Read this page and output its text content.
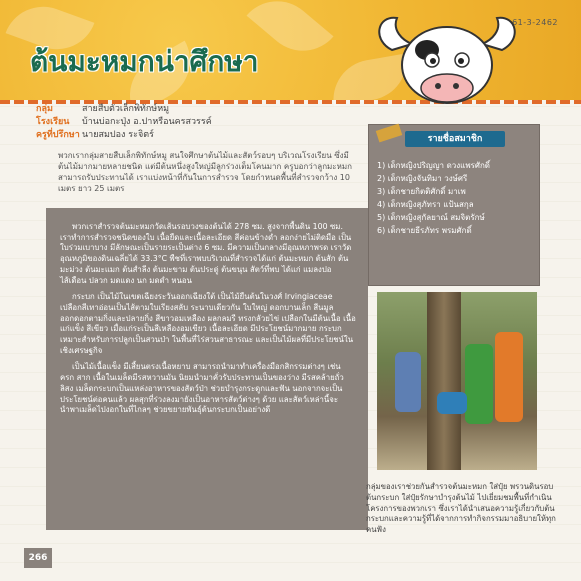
61-3-2462
ต้นมะหมกน่าศึกษา
กลุ่ม	สายสืบตัวเล็กพิทักษ์หมู
โรงเรียน	บ้านบ่อกะปุ่ง อ.ปาหรือนครสวรรค์
ครูที่ปรึกษา นายสมปอง ระจิตร์
พวกเรากลุ่มสายสืบเล็กพิทักษ์หมู สนใจศึกษาต้นไม้และสัตว์รอบๆ บริเวณโรงเรียน ซึ่งมีต้นไม้มากมายหลายชนิด แต่มีต้นหนึ่งสูงใหญ่มีลูกร่วงเต็มโคนมาก ครูบอกว่าลูกมะหมกสามารถรับประทานได้ เราแบ่งหน้าที่กันในการสำรวจ โดยกำหนดพื้นที่สำรวจกว้าง 10 เมตร ยาว 25 เมตร
รายชื่อสมาชิก
1) เด็กหญิงปริญญา ดวงแพรศักดิ์
2) เด็กหญิงจันทิมา วงษ์ศรี
3) เด็กชายกิตติศักดิ์ มาเพ
4) เด็กหญิงสุภัทรา แป้นสกุล
5) เด็กหญิงสุกัลยาณ์ สมจิตรักษ์
6) เด็กชายธีรภัทร พรมศักดิ์

พวกเราสำรวจต้นมะหมกวัดเส้นรอบวงของต้นได้ 278 ซม. สูงจากพื้นดิน 100 ซม. เราทำการสำรวจชนิดของใบ เนื้อยืดและเนื้อละเอียด สีค่อนข้างดำ ลอกง่ายไม่ติดมือ เป็นใบร่วมเบาบาง มีลักษณะเป็นรายระเป็นต่าง 6 ซม. มีความเป็นกลางมีอุณหภาพรด เราวัดอุณหภูมิของดินเฉลี่ยได้ 33.3°C พืชที่เราพบบริเวณที่สำรวจได้แก่ ต้นมะหมก ต้นสัก ต้นมะม่วง ต้นมะแมก ต้นสำลีง ต้นมะขาม ต้นประดู่ ต้นขนุน สัตว์ที่พบ ได้แก่ แมลงปอ ไส้เดือน ปลวก มดแดง นก มดดำ หนอน

กระบก เป็นไม้ในเขตเฉียงระวันออกเฉียงใต้ เป็นไม้ยืนต้นในวงศ์ Irvingiaceae เปลือกสีเทาอ่อนเป็นไส้ตามใบเรียงสลับ ระนาบเดียวกัน ใบใหญ่ ดอกบานเล็ก สีนมูล ออกดอกตามกิ่งและปลายกิ่ง สีขาวอมเหลือง ผลกลมรี ทรงกลัวยไข่ เปลือกในมีต้นเนื้อ เนื้อแก่แข็ง สีเขียว เมื่อแก่ระเป็นสีเหลืองอมเขียว เนื้อละเอียด มีประโยชน์มากมาย กระบก เหมาะสำหรับการปลูกเป็นสวนป่า ในพื้นที่ไร่สวนสาธารณะ และเป็นไม้ผลที่มีประโยชน์ในเชิงเศรษฐกิจ

เป็นไม้เนื้อแข็ง มีเสี้ยนตรงเนื้อหยาบ สามารถนำมาทำเครื่องมือกสิกรรมต่างๆ เช่น ครก สาก เนื้อในเมล็ดมีรสหวานมัน นิยมนำมาคั่วรับประทานเป็นของว่าง มีรสคล้ายถั่วลิสง เมล็ดกระบกเป็นแหล่งอาหารของสัตว์ป่า ช่วยบำรุงกระดูกและฟัน นอกจากจะเป็นประโยชน์ต่อคนแล้ว ผลสุกที่ร่วงลงมายังเป็นอาหารสัตว์ต่างๆ ด้วย และสัตว์เหล่านี้จะนำพาเมล็ดไปงอกในที่ไกลๆ ช่วยขยายพันธุ์ต้นกระบกเป็นอย่างดี

กลุ่มของเราช่วยกันสำรวจต้นมะหมก ใส่ปุ๋ย พรวนดินรอบต้นกระบก ใส่ปุ๋ยรักษาบำรุงต้นไม้ ไปเยี่ยมชมพื้นที่กำเนินโครงการของพวกเรา ซึ่งเราได้นำเสนอความรู้เกี่ยวกับต้นกระบกและความรู้ที่ได้จากการทำกิจกรรมมาอธิบายให้ทุกคนฟัง
266
